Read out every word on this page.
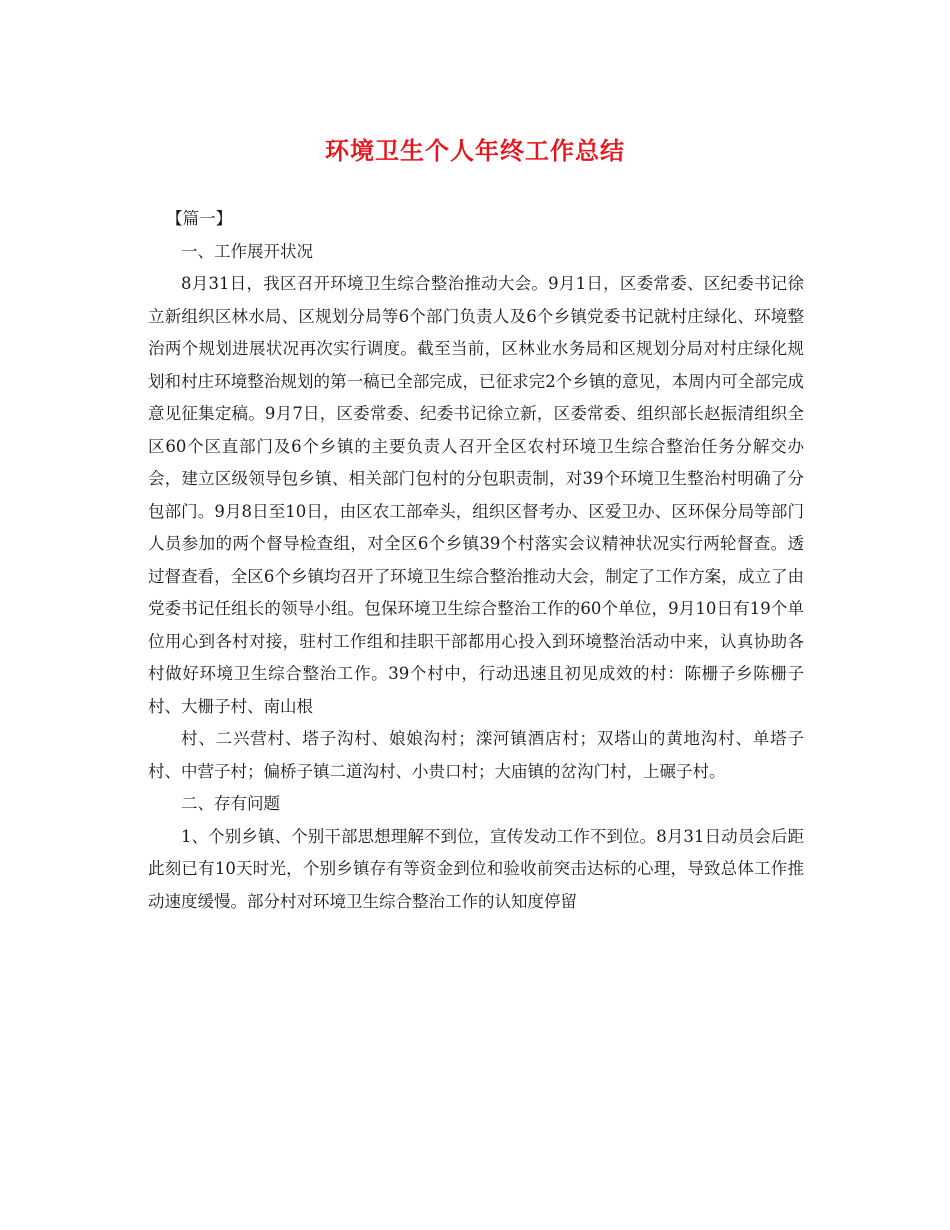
环境卫生个人年终工作总结

【篇一】

一、工作展开状况

8月31日，我区召开环境卫生综合整治推动大会。9月1日，区委常委、区纪委书记徐立新组织区林水局、区规划分局等6个部门负责人及6个乡镇党委书记就村庄绿化、环境整治两个规划进展状况再次实行调度。截至当前，区林业水务局和区规划分局对村庄绿化规划和村庄环境整治规划的第一稿已全部完成，已征求完2个乡镇的意见，本周内可全部完成意见征集定稿。9月7日，区委常委、纪委书记徐立新，区委常委、组织部长赵振清组织全区60个区直部门及6个乡镇的主要负责人召开全区农村环境卫生综合整治任务分解交办会，建立区级领导包乡镇、相关部门包村的分包职责制，对39个环境卫生整治村明确了分包部门。9月8日至10日，由区农工部牵头，组织区督考办、区爱卫办、区环保分局等部门人员参加的两个督导检查组，对全区6个乡镇39个村落实会议精神状况实行两轮督查。透过督查看，全区6个乡镇均召开了环境卫生综合整治推动大会，制定了工作方案，成立了由党委书记任组长的领导小组。包保环境卫生综合整治工作的60个单位，9月10日有19个单位用心到各村对接，驻村工作组和挂职干部都用心投入到环境整治活动中来，认真协助各村做好环境卫生综合整治工作。39个村中，行动迅速且初见成效的村：陈栅子乡陈栅子村、大栅子村、南山根

村、二兴营村、塔子沟村、娘娘沟村；滦河镇酒店村；双塔山的黄地沟村、单塔子村、中营子村；偏桥子镇二道沟村、小贵口村；大庙镇的岔沟门村，上碾子村。

二、存有问题

1、个别乡镇、个别干部思想理解不到位，宣传发动工作不到位。8月31日动员会后距此刻已有10天时光，个别乡镇存有等资金到位和验收前突击达标的心理，导致总体工作推动速度缓慢。部分村对环境卫生综合整治工作的认知度停留
